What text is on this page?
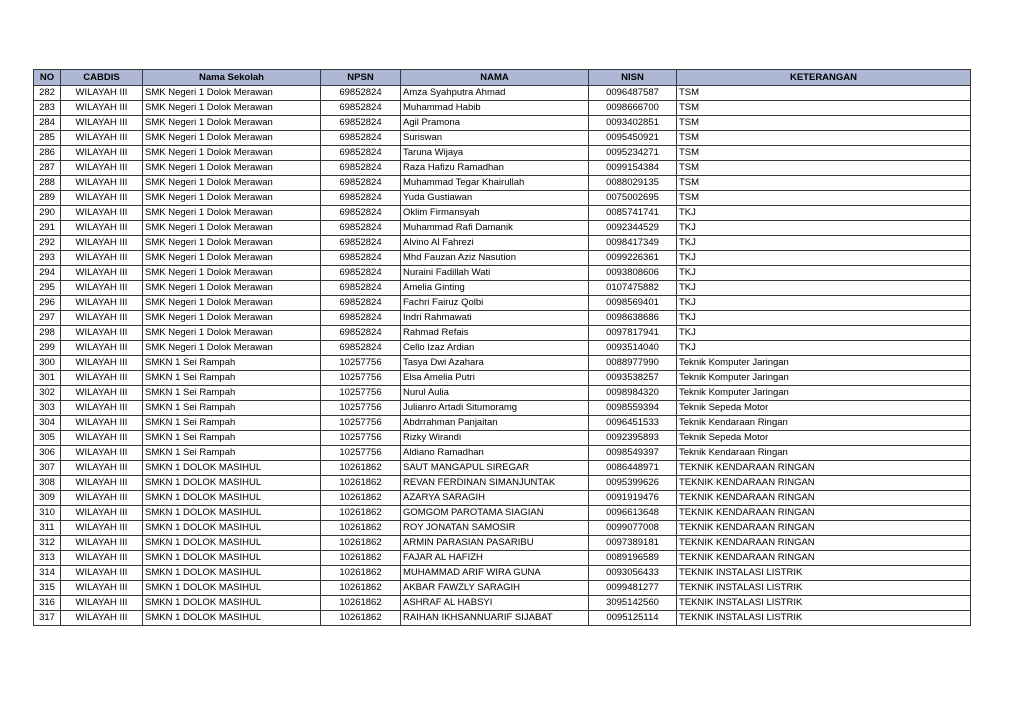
NO	CABDIS	Nama Sekolah	NPSN	NAMA	NISN	KETERANGAN
282	WILAYAH III	SMK Negeri 1 Dolok Merawan	69852824	Amza Syahputra Ahmad	0096487587	TSM
283	WILAYAH III	SMK Negeri 1 Dolok Merawan	69852824	Muhammad Habib	0098666700	TSM
284	WILAYAH III	SMK Negeri 1 Dolok Merawan	69852824	Agil Pramona	0093402851	TSM
285	WILAYAH III	SMK Negeri 1 Dolok Merawan	69852824	Suriswan	0095450921	TSM
286	WILAYAH III	SMK Negeri 1 Dolok Merawan	69852824	Taruna Wijaya	0095234271	TSM
287	WILAYAH III	SMK Negeri 1 Dolok Merawan	69852824	Raza Hafizu Ramadhan	0099154384	TSM
288	WILAYAH III	SMK Negeri 1 Dolok Merawan	69852824	Muhammad Tegar Khairullah	0088029135	TSM
289	WILAYAH III	SMK Negeri 1 Dolok Merawan	69852824	Yuda Gustiawan	0075002695	TSM
290	WILAYAH III	SMK Negeri 1 Dolok Merawan	69852824	Oklim Firmansyah	0085741741	TKJ
291	WILAYAH III	SMK Negeri 1 Dolok Merawan	69852824	Muhammad Rafi Damanik	0092344529	TKJ
292	WILAYAH III	SMK Negeri 1 Dolok Merawan	69852824	Alvino Al Fahrezi	0098417349	TKJ
293	WILAYAH III	SMK Negeri 1 Dolok Merawan	69852824	Mhd Fauzan Aziz Nasution	0099226361	TKJ
294	WILAYAH III	SMK Negeri 1 Dolok Merawan	69852824	Nuraini Fadillah Wati	0093808606	TKJ
295	WILAYAH III	SMK Negeri 1 Dolok Merawan	69852824	Amelia Ginting	0107475882	TKJ
296	WILAYAH III	SMK Negeri 1 Dolok Merawan	69852824	Fachri Fairuz Qolbi	0098569401	TKJ
297	WILAYAH III	SMK Negeri 1 Dolok Merawan	69852824	Indri Rahmawati	0098638686	TKJ
298	WILAYAH III	SMK Negeri 1 Dolok Merawan	69852824	Rahmad Refais	0097817941	TKJ
299	WILAYAH III	SMK Negeri 1 Dolok Merawan	69852824	Cello Izaz Ardian	0093514040	TKJ
300	WILAYAH III	SMKN 1 Sei Rampah	10257756	Tasya Dwi Azahara	0088977990	Teknik Komputer Jaringan
301	WILAYAH III	SMKN 1 Sei Rampah	10257756	Elsa Amelia Putri	0093538257	Teknik Komputer Jaringan
302	WILAYAH III	SMKN 1 Sei Rampah	10257756	Nurul Aulia	0098984320	Teknik Komputer Jaringan
303	WILAYAH III	SMKN 1 Sei Rampah	10257756	Julianro Artadi Situmoramg	0098559394	Teknik Sepeda Motor
304	WILAYAH III	SMKN 1 Sei Rampah	10257756	Abdrrahman Panjaitan	0096451533	Teknik Kendaraan Ringan
305	WILAYAH III	SMKN 1 Sei Rampah	10257756	Rizky Wirandi	0092395893	Teknik Sepeda Motor
306	WILAYAH III	SMKN 1 Sei Rampah	10257756	Aldiano Ramadhan	0098549397	Teknik Kendaraan Ringan
307	WILAYAH III	SMKN 1 DOLOK MASIHUL	10261862	SAUT MANGAPUL SIREGAR	0086448971	TEKNIK KENDARAAN RINGAN
308	WILAYAH III	SMKN 1 DOLOK MASIHUL	10261862	REVAN FERDINAN SIMANJUNTAK	0095399626	TEKNIK KENDARAAN RINGAN
309	WILAYAH III	SMKN 1 DOLOK MASIHUL	10261862	AZARYA SARAGIH	0091919476	TEKNIK KENDARAAN RINGAN
310	WILAYAH III	SMKN 1 DOLOK MASIHUL	10261862	GOMGOM PAROTAMA SIAGIAN	0096613648	TEKNIK KENDARAAN RINGAN
311	WILAYAH III	SMKN 1 DOLOK MASIHUL	10261862	ROY JONATAN SAMOSIR	0099077008	TEKNIK KENDARAAN RINGAN
312	WILAYAH III	SMKN 1 DOLOK MASIHUL	10261862	ARMIN PARASIAN PASARIBU	0097389181	TEKNIK KENDARAAN RINGAN
313	WILAYAH III	SMKN 1 DOLOK MASIHUL	10261862	FAJAR AL HAFIZH	0089196589	TEKNIK KENDARAAN RINGAN
314	WILAYAH III	SMKN 1 DOLOK MASIHUL	10261862	MUHAMMAD ARIF WIRA GUNA	0093056433	TEKNIK INSTALASI LISTRIK
315	WILAYAH III	SMKN 1 DOLOK MASIHUL	10261862	AKBAR FAWZLY SARAGIH	0099481277	TEKNIK INSTALASI LISTRIK
316	WILAYAH III	SMKN 1 DOLOK MASIHUL	10261862	ASHRAF AL HABSYI	3095142560	TEKNIK INSTALASI LISTRIK
317	WILAYAH III	SMKN 1 DOLOK MASIHUL	10261862	RAIHAN IKHSANNUARIF SIJABAT	0095125114	TEKNIK INSTALASI LISTRIK
